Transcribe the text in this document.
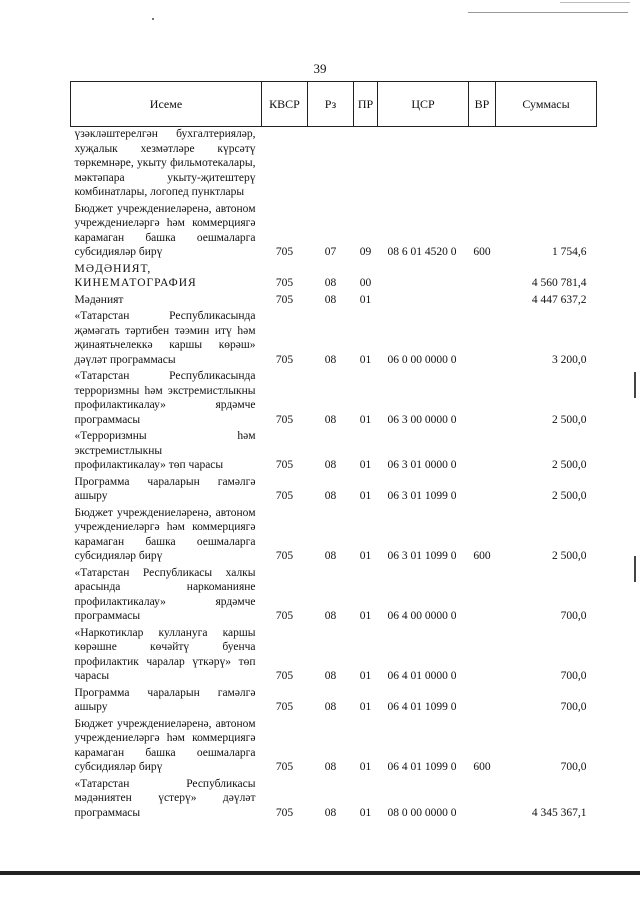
39
Исеме	КВСР	Рз	ПР	ЦСР	ВР	Суммасы
үзәкләштерелгән бухгалтерияләр, хуҗалык хезмәтләре күрсәтү төркемнәре, укыту фильмотекалары, мәктәпара укыту-җитештерү комбинатлары, логопед пунктлары						
Бюджет учреждениеләренә, автоном учреждениеләргә һәм коммерциягә карамаган башка оешмаларга субсидияләр бирү	705	07	09	08 6 01 4520 0	600	1 754,6
МӘДӘНИЯТ, КИНЕМАТОГРАФИЯ	705	08	00			4 560 781,4
Мәдәният	705	08	01			4 447 637,2
«Татарстан Республикасында җәмәгать тәртибен тәэмин итү һәм җинаятьчелеккә каршы көрәш» дәүләт программасы	705	08	01	06 0 00 0000 0		3 200,0
«Татарстан Республикасында терроризмны һәм экстремистлыкны профилактикалау» ярдәмче программасы	705	08	01	06 3 00 0000 0		2 500,0
«Терроризмны һәм экстремистлыкны профилактикалау» төп чарасы	705	08	01	06 3 01 0000 0		2 500,0
Программа чараларын гамәлгә ашыру	705	08	01	06 3 01 1099 0		2 500,0
Бюджет учреждениеләренә, автоном учреждениеләргә һәм коммерциягә карамаган башка оешмаларга субсидияләр бирү	705	08	01	06 3 01 1099 0	600	2 500,0
«Татарстан Республикасы халкы арасында наркоманияне профилактикалау» ярдәмче программасы	705	08	01	06 4 00 0000 0		700,0
«Наркотиклар куллануга каршы көрәшне көчәйтү буенча профилактик чаралар үткәрү» төп чарасы	705	08	01	06 4 01 0000 0		700,0
Программа чараларын гамәлгә ашыру	705	08	01	06 4 01 1099 0		700,0
Бюджет учреждениеләренә, автоном учреждениеләргә һәм коммерциягә карамаган башка оешмаларга субсидияләр бирү	705	08	01	06 4 01 1099 0	600	700,0
«Татарстан Республикасы мәдәниятен үстерү» дәүләт программасы	705	08	01	08 0 00 0000 0		4 345 367,1
